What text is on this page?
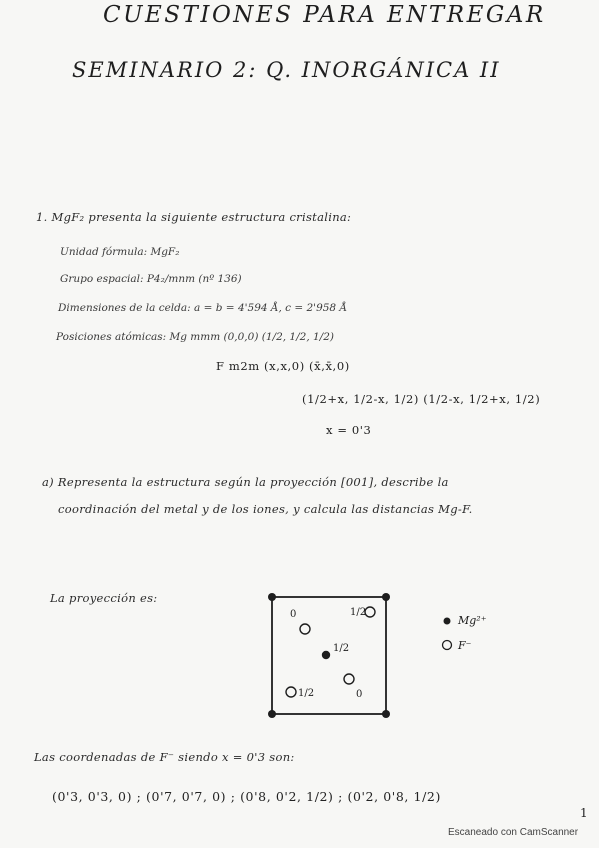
CUESTIONES PARA ENTREGAR
SEMINARIO 2: Q. INORGÁNICA II
1. MgF₂ presenta la siguiente estructura cristalina:
Unidad fórmula: MgF₂
Grupo espacial: P4₂/mnm (nº 136)
Dimensiones de la celda: a = b = 4'594 Å, c = 2'958 Å
Posiciones atómicas: Mg mmm (0,0,0) (1/2, 1/2, 1/2)
F m2m (x,x,0) (x̄,x̄,0)
(1/2+x, 1/2-x, 1/2) (1/2-x, 1/2+x, 1/2)
x = 0'3
a) Representa la estructura según la proyección [001], describe la
coordinación del metal y de los iones, y calcula las distancias Mg-F.
La proyección es:
0	1/2
1/2
1/2	0
Mg²⁺
F⁻
Las coordenadas de F⁻ siendo x = 0'3 son:
(0'3, 0'3, 0) ; (0'7, 0'7, 0) ; (0'8, 0'2, 1/2) ; (0'2, 0'8, 1/2)
1
Escaneado con CamScanner
